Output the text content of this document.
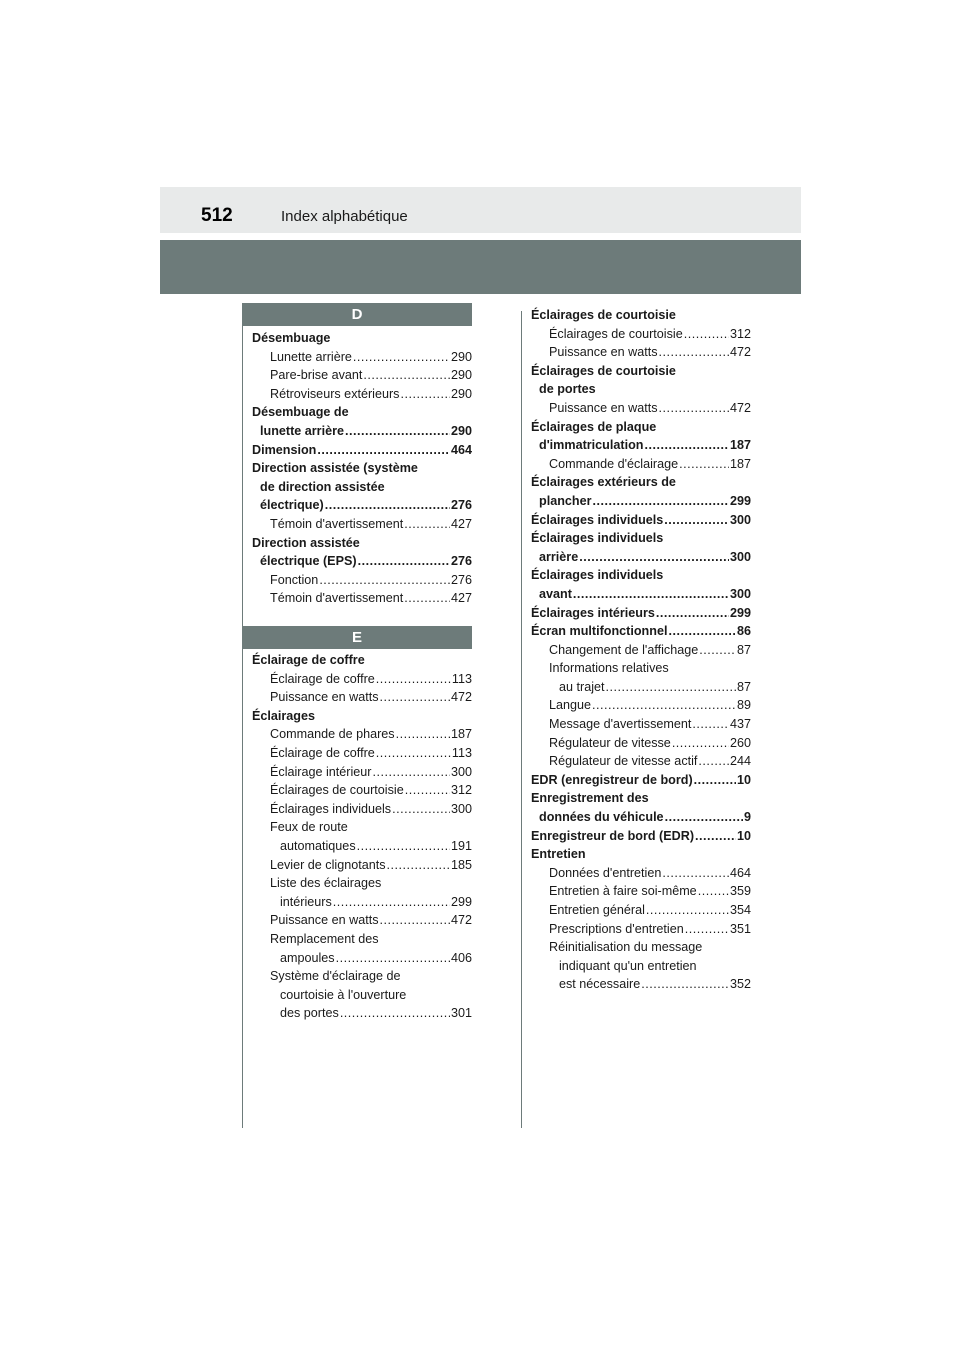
512	Index alphabétique
D
Désembuage
Lunette arrière .....	290
Pare-brise avant .....	290
Rétroviseurs extérieurs .....	290
Désembuage de
lunette arrière .....	290
Dimension .....	464
Direction assistée (système
de direction assistée
électrique) .....	276
Témoin d'avertissement .....	427
Direction assistée
électrique (EPS) .....	276
Fonction .....	276
Témoin d'avertissement .....	427
E
Éclairage de coffre
Éclairage de coffre .....	113
Puissance en watts .....	472
Éclairages
Commande de phares .....	187
Éclairage de coffre .....	113
Éclairage intérieur .....	300
Éclairages de courtoisie .....	312
Éclairages individuels .....	300
Feux de route
automatiques .....	191
Levier de clignotants .....	185
Liste des éclairages
intérieurs .....	299
Puissance en watts .....	472
Remplacement des
ampoules .....	406
Système d'éclairage de
courtoisie à l'ouverture
des portes .....	301
Éclairages de courtoisie
Éclairages de courtoisie .....	312
Puissance en watts .....	472
Éclairages de courtoisie
de portes
Puissance en watts .....	472
Éclairages de plaque
d'immatriculation .....	187
Commande d'éclairage .....	187
Éclairages extérieurs de
plancher .....	299
Éclairages individuels .....	300
Éclairages individuels
arrière .....	300
Éclairages individuels
avant .....	300
Éclairages intérieurs .....	299
Écran multifonctionnel .....	86
Changement de l'affichage .....	87
Informations relatives
au trajet .....	87
Langue .....	89
Message d'avertissement .....	437
Régulateur de vitesse .....	260
Régulateur de vitesse actif .....	244
EDR (enregistreur de bord) .....	10
Enregistrement des
données du véhicule .....	9
Enregistreur de bord (EDR) .....	10
Entretien
Données d'entretien .....	464
Entretien à faire soi-même .....	359
Entretien général .....	354
Prescriptions d'entretien .....	351
Réinitialisation du message
indiquant qu'un entretien
est nécessaire .....	352
